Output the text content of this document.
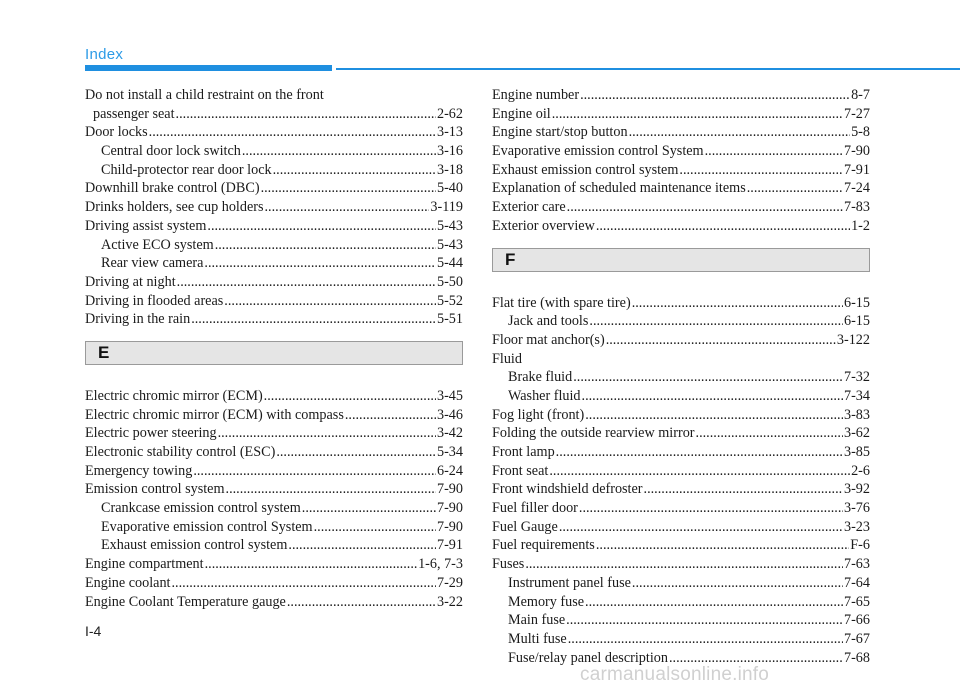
Index
Do not install a child restraint on the front
passenger seat .....	2-62
Door locks .....	3-13
Central door lock switch .....	3-16
Child-protector rear door lock .....	3-18
Downhill brake control (DBC) .....	5-40
Drinks holders, see cup holders .....	3-119
Driving assist system .....	5-43
Active ECO system .....	5-43
Rear view camera .....	5-44
Driving at night .....	5-50
Driving in flooded areas .....	5-52
Driving in the rain .....	5-51
E
Electric chromic mirror (ECM) .....	3-45
Electric chromic mirror (ECM) with compass .....	3-46
Electric power steering .....	3-42
Electronic stability control (ESC) .....	5-34
Emergency towing .....	6-24
Emission control system .....	7-90
Crankcase emission control system .....	7-90
Evaporative emission control System .....	7-90
Exhaust emission control system .....	7-91
Engine compartment .....	1-6, 7-3
Engine coolant .....	7-29
Engine Coolant Temperature gauge .....	3-22
Engine number .....	8-7
Engine oil .....	7-27
Engine start/stop button .....	5-8
Evaporative emission control System .....	7-90
Exhaust emission control system .....	7-91
Explanation of scheduled maintenance items .....	7-24
Exterior care .....	7-83
Exterior overview .....	1-2
F
Flat tire (with spare tire) .....	6-15
Jack and tools .....	6-15
Floor mat anchor(s) .....	3-122
Fluid
Brake fluid .....	7-32
Washer fluid .....	7-34
Fog light (front) .....	3-83
Folding the outside rearview mirror .....	3-62
Front lamp .....	3-85
Front seat .....	2-6
Front windshield defroster .....	3-92
Fuel filler door .....	3-76
Fuel Gauge .....	3-23
Fuel requirements .....	F-6
Fuses .....	7-63
Instrument panel fuse .....	7-64
Memory fuse .....	7-65
Main fuse .....	7-66
Multi fuse .....	7-67
Fuse/relay panel description .....	7-68
I-4
carmanualsonline.info
